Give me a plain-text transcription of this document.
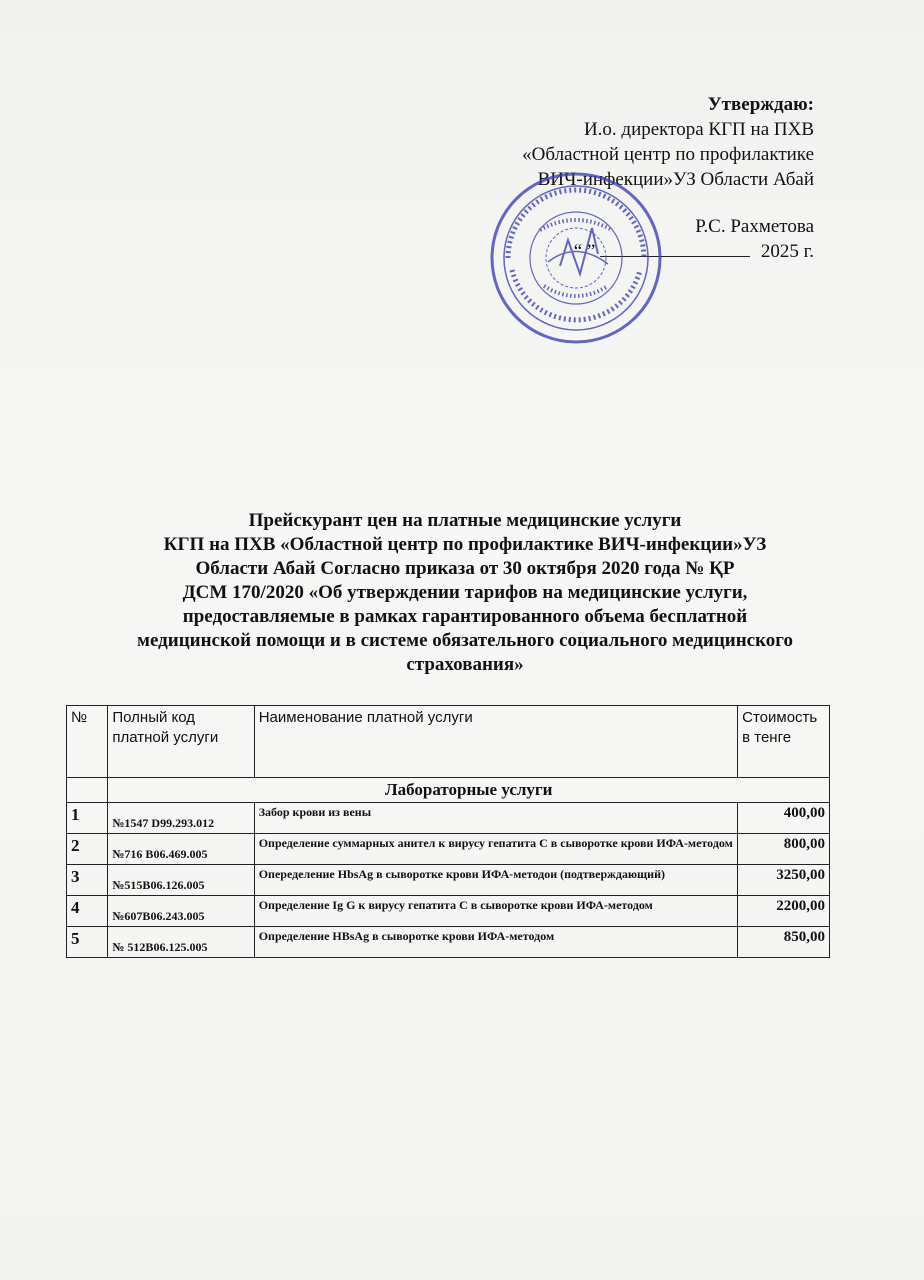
Утверждаю:
И.о. директора КГП на ПХВ
«Областной центр по профилактике
ВИЧ-инфекции»УЗ Области Абай
Р.С. Рахметова
“ ”	2025 г.
Прейскурант цен на платные медицинские услуги
КГП на ПХВ «Областной центр по профилактике ВИЧ-инфекции»УЗ
Области Абай Согласно приказа от 30 октября 2020 года № ҚР
ДСМ 170/2020 «Об утверждении тарифов на медицинские услуги,
предоставляемые в рамках гарантированного объема бесплатной
медицинской помощи и в системе обязательного социального медицинского
страхования»
№	Полный код платной услуги	Наименование платной услуги	Стоимость в тенге
	Лабораторные услуги		
1	№1547 D99.293.012	Забор крови из вены	400,00
2	№716 B06.469.005	Определение суммарных анител к вирусу гепатита С в сыворотке крови ИФА-методом	800,00
3	№515B06.126.005	Опеределение HbsAg в сыворотке крови ИФА-методои (подтверждающий)	3250,00
4	№607B06.243.005	Определение Ig G к вирусу гепатита С в сыворотке крови ИФА-методом	2200,00
5	№ 512B06.125.005	Определение HBsAg в сыворотке крови ИФА-методом	850,00
